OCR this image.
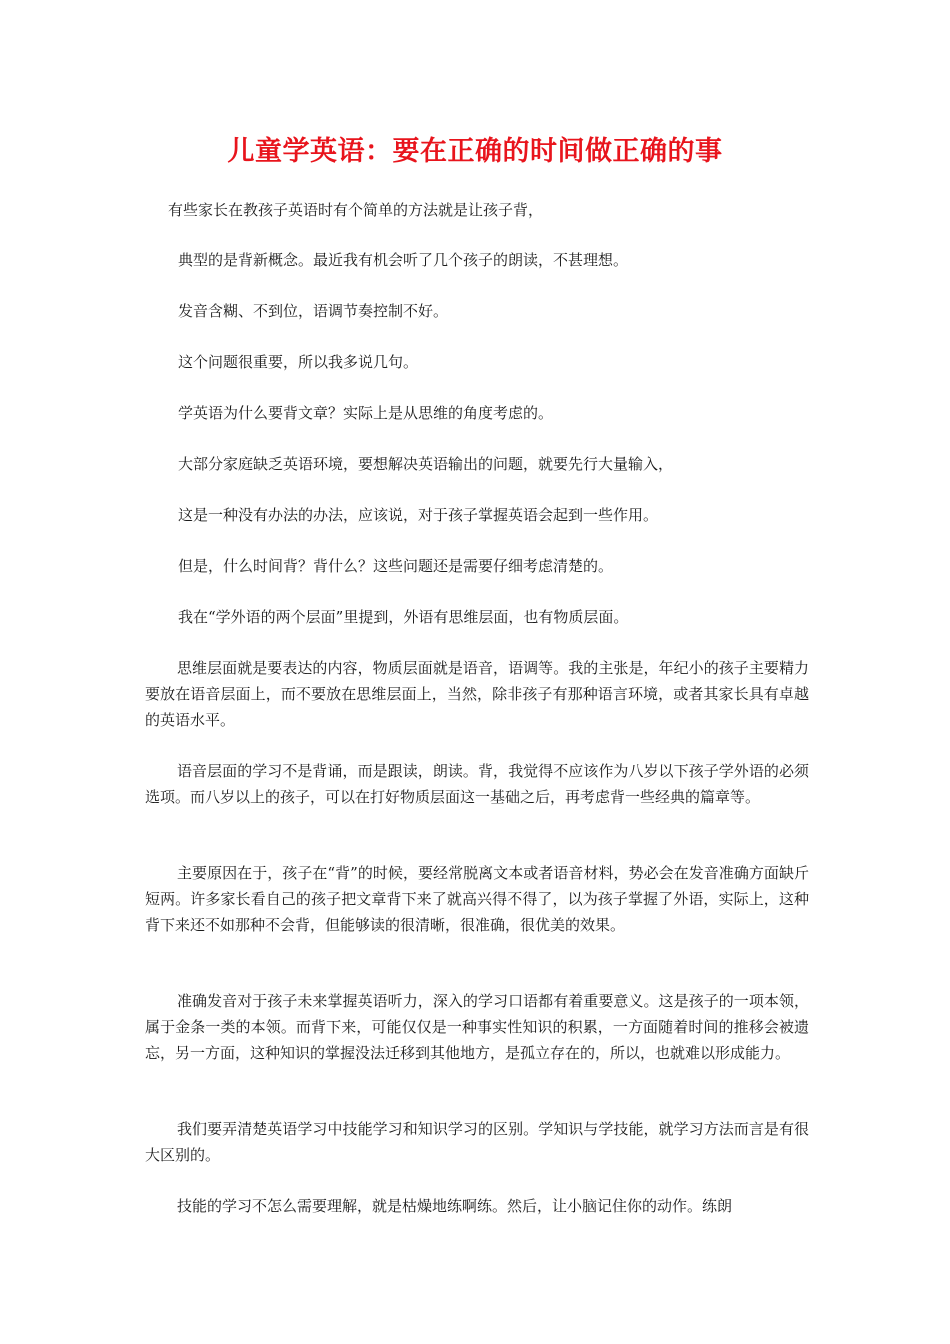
儿童学英语：要在正确的时间做正确的事

有些家长在教孩子英语时有个简单的方法就是让孩子背，

典型的是背新概念。最近我有机会听了几个孩子的朗读，不甚理想。

发音含糊、不到位，语调节奏控制不好。

这个问题很重要，所以我多说几句。

学英语为什么要背文章？实际上是从思维的角度考虑的。

大部分家庭缺乏英语环境，要想解决英语输出的问题，就要先行大量输入，

这是一种没有办法的办法，应该说，对于孩子掌握英语会起到一些作用。

但是，什么时间背？背什么？这些问题还是需要仔细考虑清楚的。

我在“学外语的两个层面”里提到，外语有思维层面，也有物质层面。

思维层面就是要表达的内容，物质层面就是语音，语调等。我的主张是，年纪小的孩子主要精力要放在语音层面上，而不要放在思维层面上，当然，除非孩子有那种语言环境，或者其家长具有卓越的英语水平。

语音层面的学习不是背诵，而是跟读，朗读。背，我觉得不应该作为八岁以下孩子学外语的必须选项。而八岁以上的孩子，可以在打好物质层面这一基础之后，再考虑背一些经典的篇章等。

主要原因在于，孩子在“背”的时候，要经常脱离文本或者语音材料，势必会在发音准确方面缺斤短两。许多家长看自己的孩子把文章背下来了就高兴得不得了，以为孩子掌握了外语，实际上，这种背下来还不如那种不会背，但能够读的很清晰，很准确，很优美的效果。

准确发音对于孩子未来掌握英语听力，深入的学习口语都有着重要意义。这是孩子的一项本领，属于金条一类的本领。而背下来，可能仅仅是一种事实性知识的积累，一方面随着时间的推移会被遗忘，另一方面，这种知识的掌握没法迁移到其他地方，是孤立存在的，所以，也就难以形成能力。

我们要弄清楚英语学习中技能学习和知识学习的区别。学知识与学技能，就学习方法而言是有很大区别的。

技能的学习不怎么需要理解，就是枯燥地练啊练。然后，让小脑记住你的动作。练朗
